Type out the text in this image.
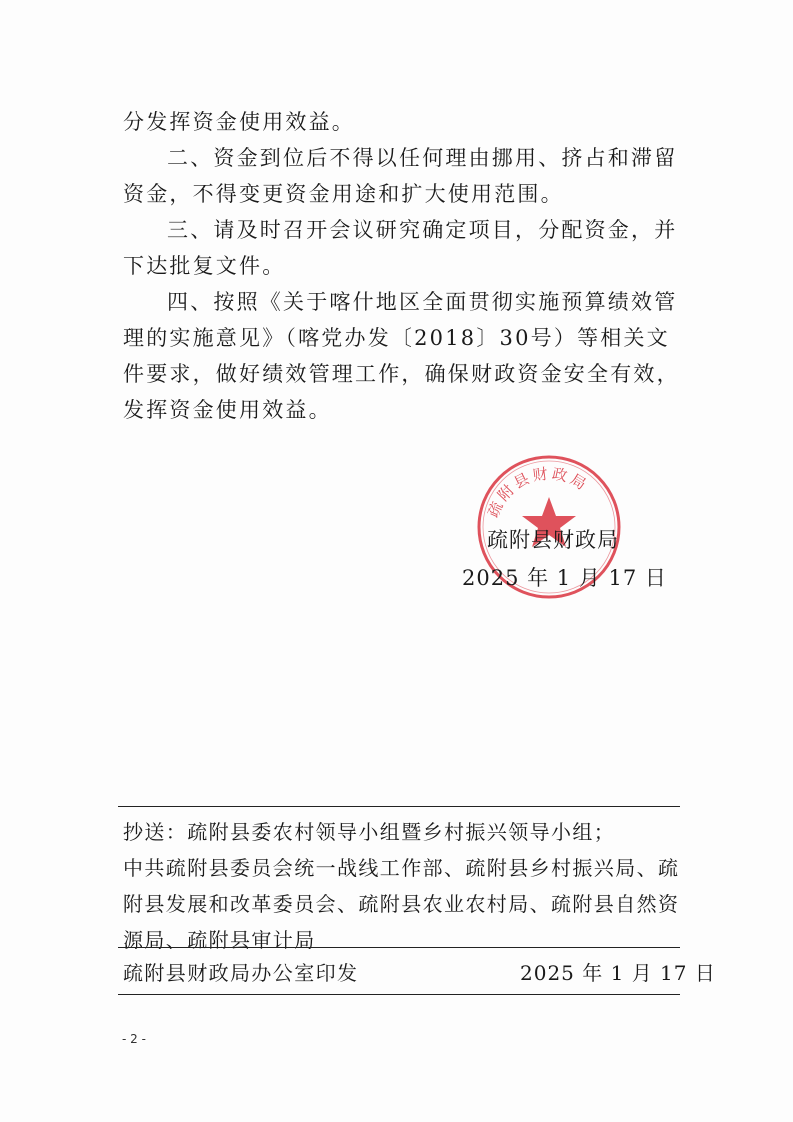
分发挥资金使用效益。

二、资金到位后不得以任何理由挪用、挤占和滞留资金，不得变更资金用途和扩大使用范围。

三、请及时召开会议研究确定项目，分配资金，并下达批复文件。

四、按照《关于喀什地区全面贯彻实施预算绩效管理的实施意见》（喀党办发〔2018〕30号）等相关文件要求，做好绩效管理工作，确保财政资金安全有效，发挥资金使用效益。

疏附县财政局
疏附县财政局
2025 年 1 月 17 日

抄送：疏附县委农村领导小组暨乡村振兴领导小组；

中共疏附县委员会统一战线工作部、疏附县乡村振兴局、疏附县发展和改革委员会、疏附县农业农村局、疏附县自然资源局、疏附县审计局

疏附县财政局办公室印发	2025 年 1 月 17 日
- 2 -
